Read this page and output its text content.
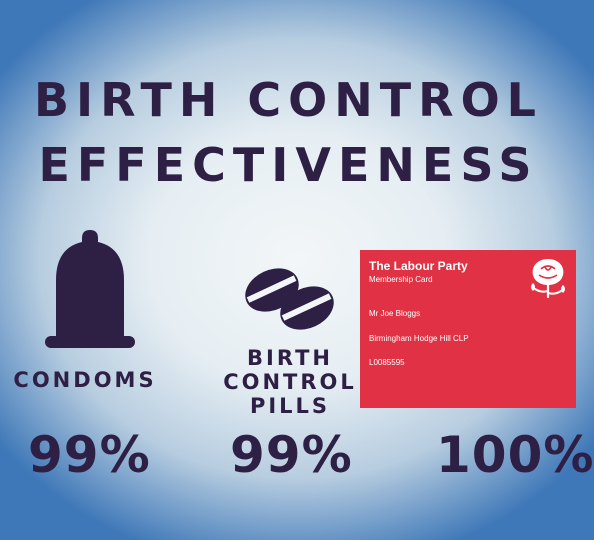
BIRTH CONTROL
EFFECTIVENESS
CONDOMS
99%
BIRTH
CONTROL
PILLS
99%
The Labour Party
Membership Card
Mr Joe Bloggs
Birmingham Hodge Hill CLP
L0085595
100%
